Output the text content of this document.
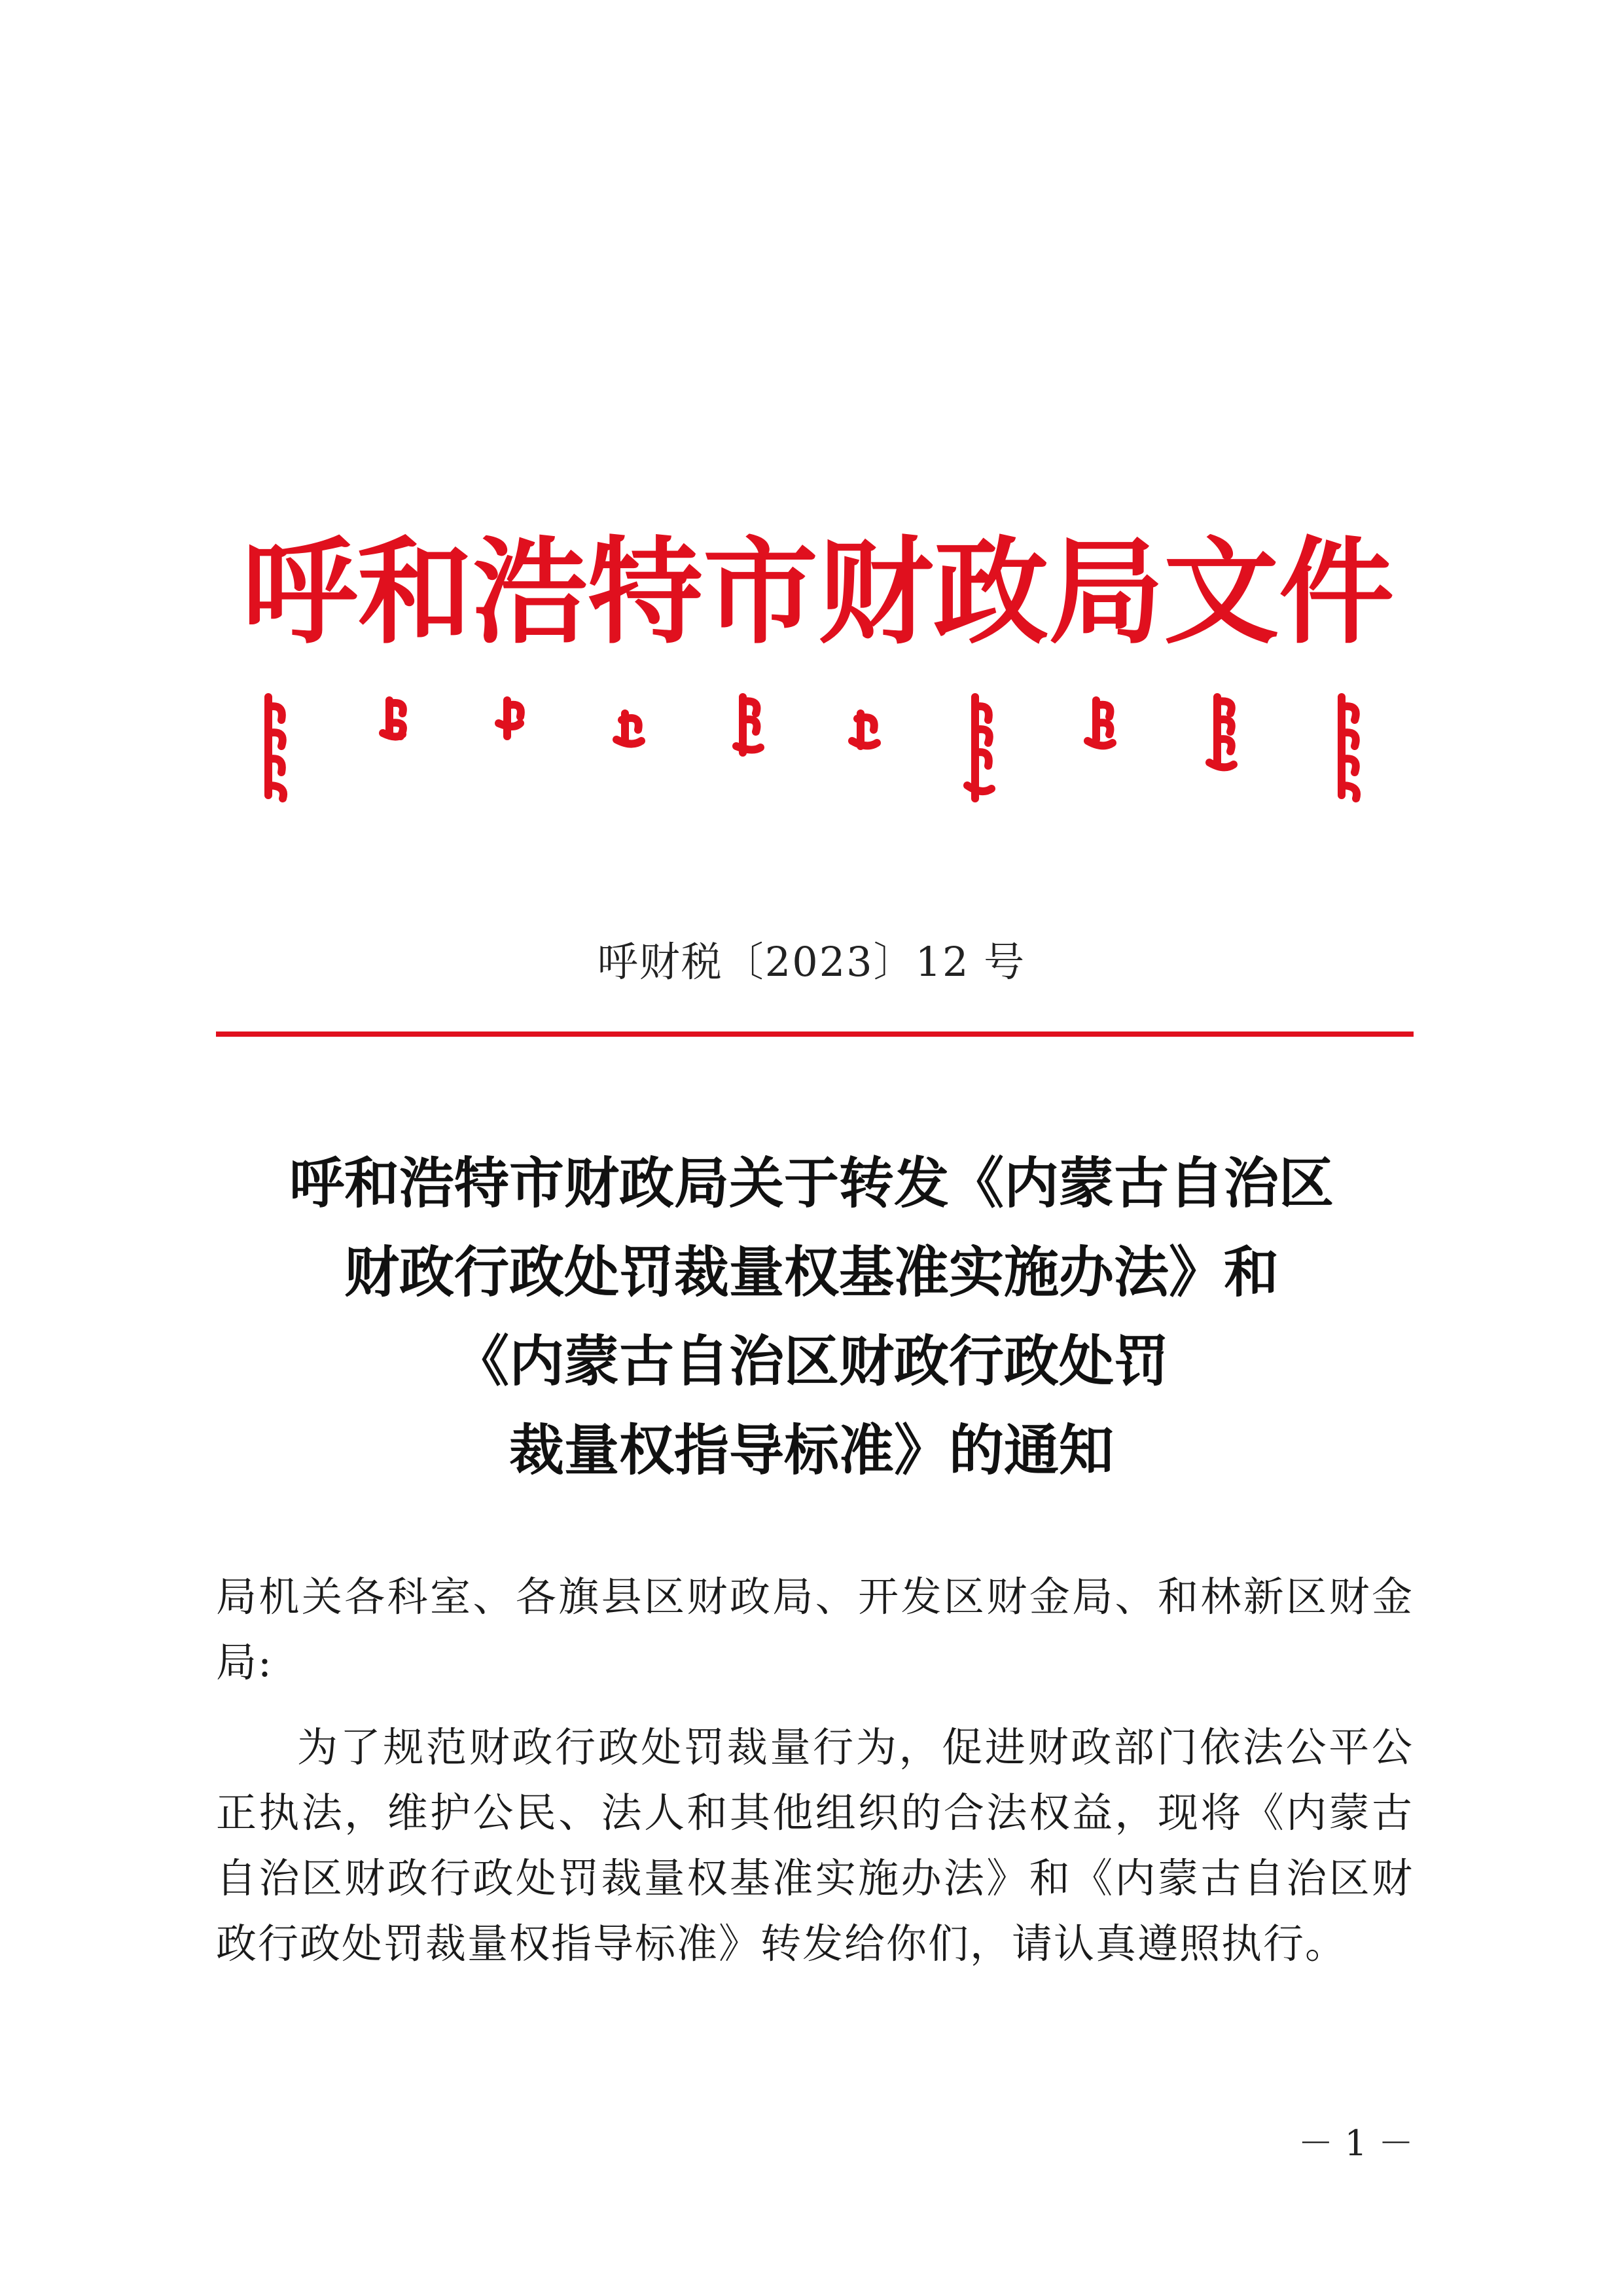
呼 和 浩 特 市 财 政 局 文 件
呼财税〔2023〕12 号
呼和浩特市财政局关于转发《内蒙古自治区
财政行政处罚裁量权基准实施办法》和
《内蒙古自治区财政行政处罚
裁量权指导标准》的通知

局机关各科室、各旗县区财政局、开发区财金局、和林新区财金局:

为了规范财政行政处罚裁量行为，促进财政部门依法公平公正执法，维护公民、法人和其他组织的合法权益，现将《内蒙古自治区财政行政处罚裁量权基准实施办法》和《内蒙古自治区财政行政处罚裁量权指导标准》转发给你们，请认真遵照执行。

－ 1 －
